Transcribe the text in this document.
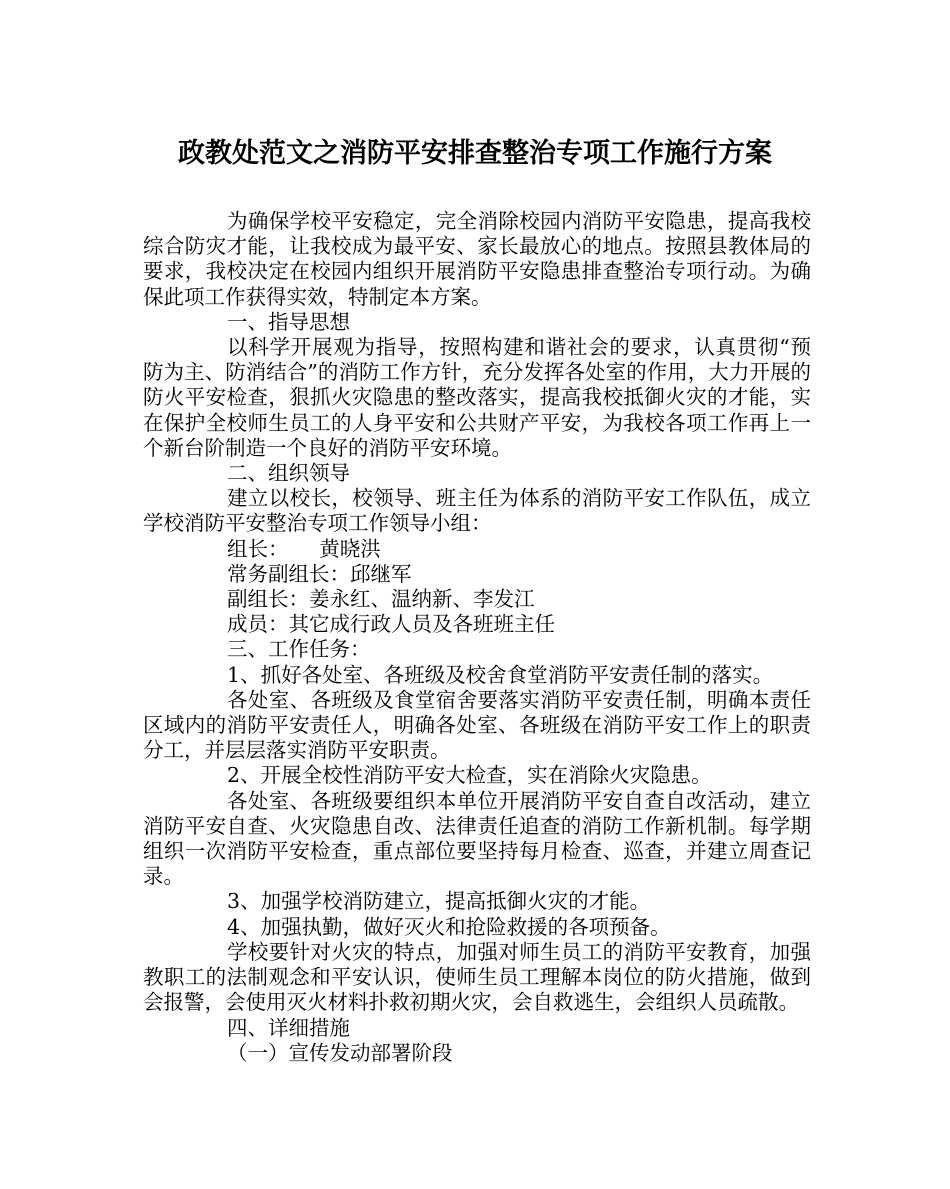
政教处范文之消防平安排查整治专项工作施行方案

为确保学校平安稳定，完全消除校园内消防平安隐患，提高我校综合防灾才能，让我校成为最平安、家长最放心的地点。按照县教体局的要求，我校决定在校园内组织开展消防平安隐患排查整治专项行动。为确保此项工作获得实效，特制定本方案。

一、指导思想

以科学开展观为指导，按照构建和谐社会的要求，认真贯彻“预防为主、防消结合”的消防工作方针，充分发挥各处室的作用，大力开展的防火平安检查，狠抓火灾隐患的整改落实，提高我校抵御火灾的才能，实在保护全校师生员工的人身平安和公共财产平安，为我校各项工作再上一个新台阶制造一个良好的消防平安环境。

二、组织领导

建立以校长，校领导、班主任为体系的消防平安工作队伍，成立学校消防平安整治专项工作领导小组：

组长：　　黄晓洪

常务副组长：邱继军

副组长：姜永红、温纳新、李发江

成员：其它成行政人员及各班班主任

三、工作任务：

1、抓好各处室、各班级及校舍食堂消防平安责任制的落实。

各处室、各班级及食堂宿舍要落实消防平安责任制，明确本责任区域内的消防平安责任人，明确各处室、各班级在消防平安工作上的职责分工，并层层落实消防平安职责。

2、开展全校性消防平安大检查，实在消除火灾隐患。

各处室、各班级要组织本单位开展消防平安自查自改活动，建立消防平安自查、火灾隐患自改、法律责任追查的消防工作新机制。每学期组织一次消防平安检查，重点部位要坚持每月检查、巡查，并建立周查记录。

3、加强学校消防建立，提高抵御火灾的才能。

4、加强执勤，做好灭火和抢险救援的各项预备。

学校要针对火灾的特点，加强对师生员工的消防平安教育，加强教职工的法制观念和平安认识，使师生员工理解本岗位的防火措施，做到会报警，会使用灭火材料扑救初期火灾，会自救逃生，会组织人员疏散。

四、详细措施

（一）宣传发动部署阶段
